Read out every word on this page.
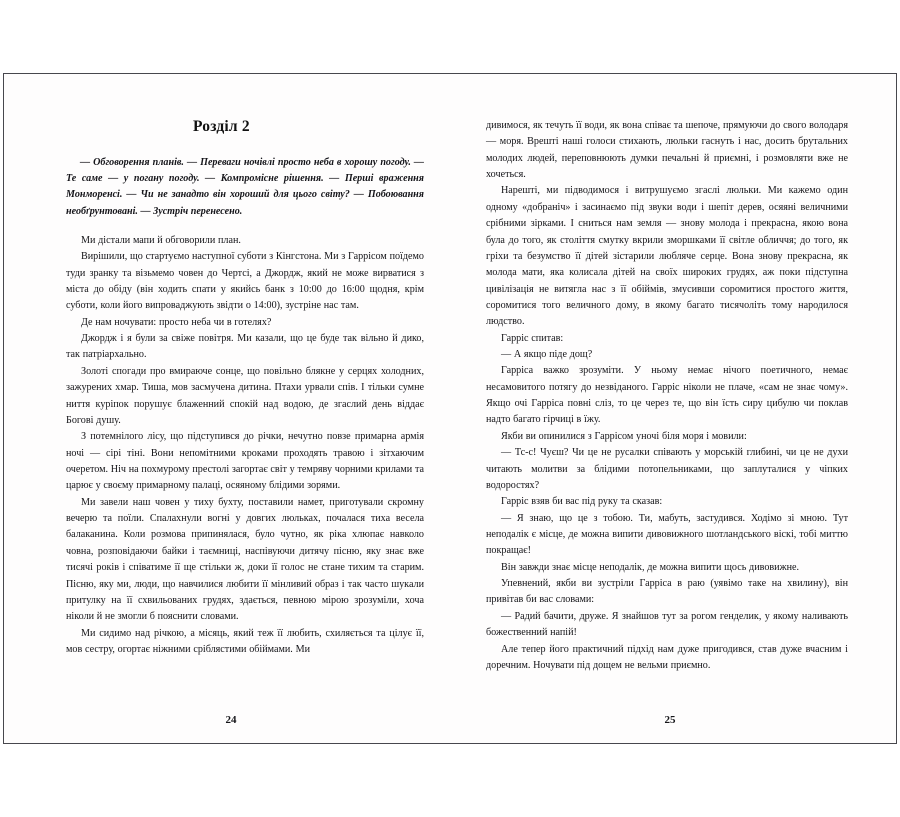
Розділ 2

— Обговорення планів. — Переваги ночівлі просто неба в хорошу погоду. — Те саме — у погану погоду. — Компромісне рішення. — Перші враження Монморенсі. — Чи не занадто він хороший для цього світу? — Побоювання необґрунтовані. — Зустріч перенесено.

Ми дістали мапи й обговорили план.

Вирішили, що стартуємо наступної суботи з Кінгстона. Ми з Гаррісом поїдемо туди зранку та візьмемо човен до Чертсі, а Джордж, який не може вирватися з міста до обіду (він ходить спати у якийсь банк з 10:00 до 16:00 щодня, крім суботи, коли його випроваджують звідти о 14:00), зустріне нас там.

Де нам ночувати: просто неба чи в готелях?

Джордж і я були за свіже повітря. Ми казали, що це буде так вільно й дико, так патріархально.

Золоті спогади про вмираюче сонце, що повільно блякне у серцях холодних, зажурених хмар. Тиша, мов засмучена дитина. Птахи урвали спів. І тільки сумне ниття куріпок порушує блаженний спокій над водою, де згаслий день віддає Богові душу.

З потемнілого лісу, що підступився до річки, нечутно повзе примарна армія ночі — сірі тіні. Вони непомітними кроками проходять травою і зітхаючим очеретом. Ніч на похмурому престолі загортає світ у темряву чорними крилами та царює у своєму примарному палаці, осяяному блідими зорями.

Ми завели наш човен у тиху бухту, поставили намет, приготували скромну вечерю та поїли. Спалахнули вогні у довгих люльках, почалася тиха весела балаканина. Коли розмова припинялася, було чутно, як ріка хлюпає навколо човна, розповідаючи байки і таємниці, наспівуючи дитячу пісню, яку знає вже тисячі років і співатиме її ще стільки ж, доки її голос не стане тихим та старим. Пісню, яку ми, люди, що навчилися любити її мінливий образ і так часто шукали притулку на її схвильованих грудях, здається, певною мірою зрозуміли, хоча ніколи й не змогли б пояснити словами.

Ми сидимо над річкою, а місяць, який теж її любить, схиляється та цілує її, мов сестру, огортає ніжними сріблястими обіймами. Ми

24

дивимося, як течуть її води, як вона співає та шепоче, прямуючи до свого володаря — моря. Врешті наші голоси стихають, люльки гаснуть і нас, досить брутальних молодих людей, переповнюють думки печальні й приємні, і розмовляти вже не хочеться.

Нарешті, ми підводимося і витрушуємо згаслі люльки. Ми кажемо один одному «добраніч» і засинаємо під звуки води і шепіт дерев, осяяні величними срібними зірками. І сниться нам земля — знову молода і прекрасна, якою вона була до того, як століття смутку вкрили зморшками її світле обличчя; до того, як гріхи та безумство її дітей зістарили любляче серце. Вона знову прекрасна, як молода мати, яка колисала дітей на своїх широких грудях, аж поки підступна цивілізація не витягла нас з її обіймів, змусивши соромитися простого життя, соромитися того величного дому, в якому багато тисячоліть тому народилося людство.

Гарріс спитав:

— А якщо піде дощ?

Гарріса важко зрозуміти. У ньому немає нічого поетичного, немає несамовитого потягу до незвіданого. Гарріс ніколи не плаче, «сам не знає чому». Якщо очі Гарріса повні сліз, то це через те, що він їсть сиру цибулю чи поклав надто багато гірчиці в їжу.

Якби ви опинилися з Гаррісом уночі біля моря і мовили:

— Тс-с! Чуєш? Чи це не русалки співають у морській глибині, чи це не духи читають молитви за блідими потопельниками, що заплуталися у чіпких водоростях?

Гарріс взяв би вас під руку та сказав:

— Я знаю, що це з тобою. Ти, мабуть, застудився. Ходімо зі мною. Тут неподалік є місце, де можна випити дивовижного шотландського віскі, тобі миттю покращає!

Він завжди знає місце неподалік, де можна випити щось дивовижне.

Упевнений, якби ви зустріли Гарріса в раю (уявімо таке на хвилину), він привітав би вас словами:

— Радий бачити, друже. Я знайшов тут за рогом генделик, у якому наливають божественний напій!

Але тепер його практичний підхід нам дуже пригодився, став дуже вчасним і доречним. Ночувати під дощем не вельми приємно.

25
